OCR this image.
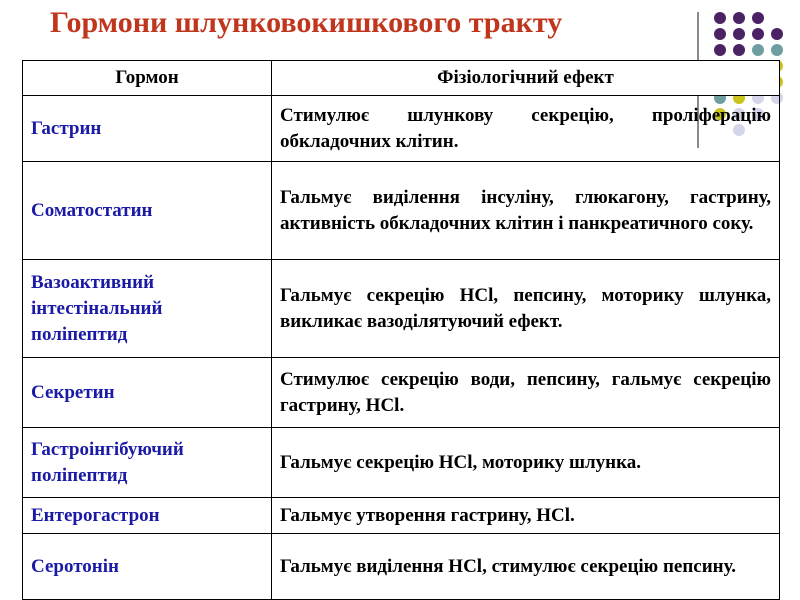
Гормони шлунковокишкового тракту
Гормон	Фізіологічний ефект
Гастрин	Стимулює шлункову секрецію, проліферацію обкладочних клітин.
Соматостатин	Гальмує виділення інсуліну, глюкагону, гастрину, активність обкладочних клітин і панкреатичного соку.
Вазоактивний інтестінальний поліпептид	Гальмує секрецію HCl, пепсину, моторику шлунка, викликає вазоділятуючий ефект.
Секретин	Стимулює секрецію води, пепсину, гальмує секрецію гастрину, HCl.
Гастроінгібуючий поліпептид	Гальмує секрецію HCl, моторику шлунка.
Ентерогастрон	Гальмує утворення гастрину, HCl.
Серотонін	Гальмує виділення HCl, стимулює секрецію пепсину.
